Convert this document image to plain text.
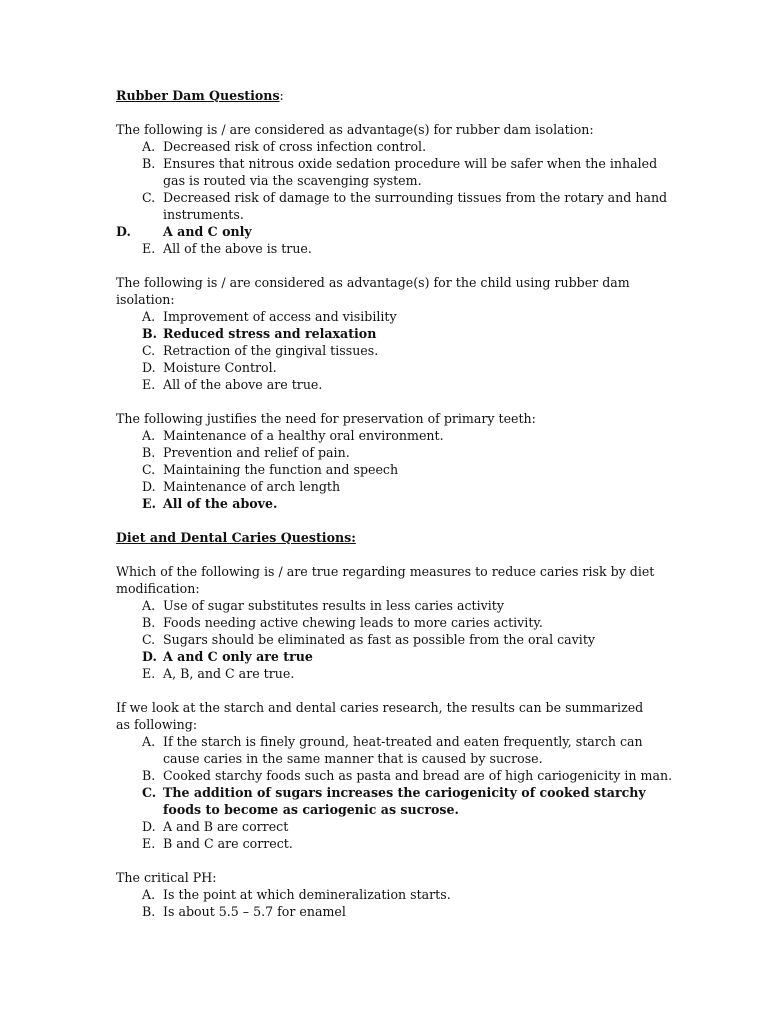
Rubber Dam Questions:
The following is / are considered as advantage(s) for rubber dam isolation:
A. Decreased risk of cross infection control.
B. Ensures that nitrous oxide sedation procedure will be safer when the inhaled gas is routed via the scavenging system.
C. Decreased risk of damage to the surrounding tissues from the rotary and hand instruments.
D.	A and C only
E. All of the above is true.
The following is / are considered as advantage(s) for the child using rubber dam isolation:
A. Improvement of access and visibility
B. Reduced stress and relaxation
C. Retraction of the gingival tissues.
D. Moisture Control.
E. All of the above are true.
The following justifies the need for preservation of primary teeth:
A. Maintenance of a healthy oral environment.
B. Prevention and relief of pain.
C. Maintaining the function and speech
D. Maintenance of arch length
E. All of the above.
Diet and Dental Caries Questions:
Which of the following is / are true regarding measures to reduce caries risk by diet modification:
A. Use of sugar substitutes results in less caries activity
B. Foods needing active chewing leads to more caries activity.
C. Sugars should be eliminated as fast as possible from the oral cavity
D. A and C only are true
E. A, B, and C are true.
If we look at the starch and dental caries research, the results can be summarized as following:
A. If the starch is finely ground, heat-treated and eaten frequently, starch can cause caries in the same manner that is caused by sucrose.
B. Cooked starchy foods such as pasta and bread are of high cariogenicity in man.
C. The addition of sugars increases the cariogenicity of cooked starchy foods to become as cariogenic as sucrose.
D. A and B are correct
E. B and C are correct.
The critical PH:
A. Is the point at which demineralization starts.
B. Is about 5.5 – 5.7 for enamel
